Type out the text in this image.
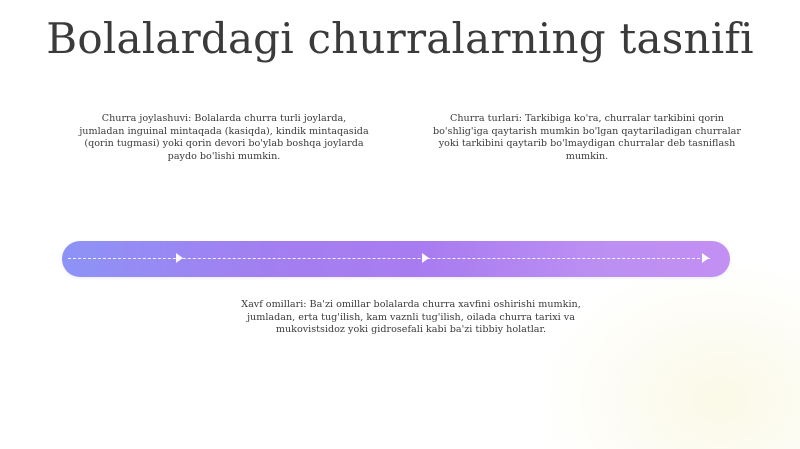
Bolalardagi churralarning tasnifi
Churra joylashuvi: Bolalarda churra turli joylarda, jumladan inguinal mintaqada (kasiqda), kindik mintaqasida (qorin tugmasi) yoki qorin devori bo'ylab boshqa joylarda paydo bo'lishi mumkin.
Churra turlari: Tarkibiga ko'ra, churralar tarkibini qorin bo'shlig'iga qaytarish mumkin bo'lgan qaytariladigan churralar yoki tarkibini qaytarib bo'lmaydigan churralar deb tasniflash mumkin.
Xavf omillari: Ba'zi omillar bolalarda churra xavfini oshirishi mumkin, jumladan, erta tug'ilish, kam vaznli tug'ilish, oilada churra tarixi va mukovistsidoz yoki gidrosefali kabi ba'zi tibbiy holatlar.
